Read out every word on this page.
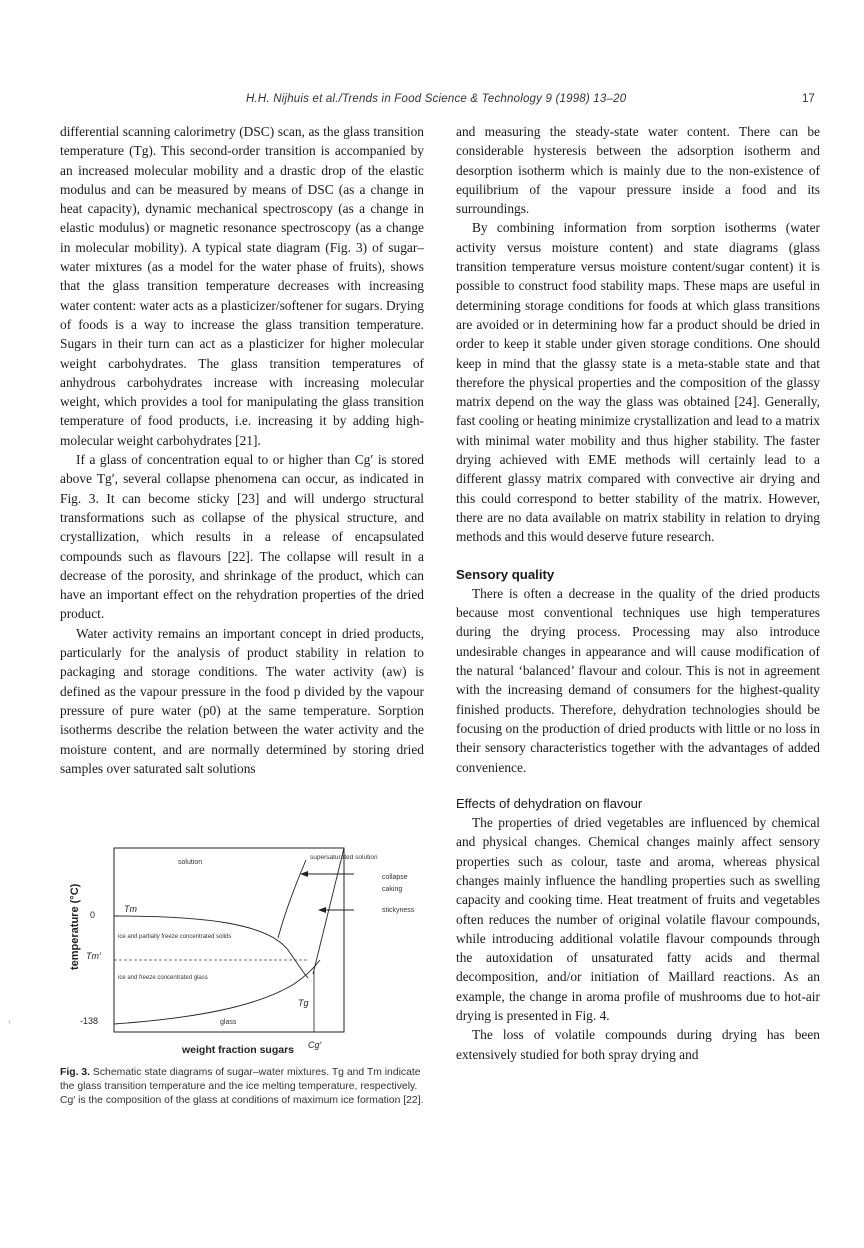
H.H. Nijhuis et al./Trends in Food Science & Technology 9 (1998) 13–20	17

differential scanning calorimetry (DSC) scan, as the glass transition temperature (Tg). This second-order transition is accompanied by an increased molecular mobility and a drastic drop of the elastic modulus and can be measured by means of DSC (as a change in heat capacity), dynamic mechanical spectroscopy (as a change in elastic modulus) or magnetic resonance spectroscopy (as a change in molecular mobility). A typical state diagram (Fig. 3) of sugar–water mixtures (as a model for the water phase of fruits), shows that the glass transition temperature decreases with increasing water content: water acts as a plasticizer/softener for sugars. Drying of foods is a way to increase the glass transition temperature. Sugars in their turn can act as a plasticizer for higher molecular weight carbohydrates. The glass transition temperatures of anhydrous carbohydrates increase with increasing molecular weight, which provides a tool for manipulating the glass transition temperature of food products, i.e. increasing it by adding high-molecular weight carbohydrates [21].

If a glass of concentration equal to or higher than Cg′ is stored above Tg′, several collapse phenomena can occur, as indicated in Fig. 3. It can become sticky [23] and will undergo structural transformations such as collapse of the physical structure, and crystallization, which results in a release of encapsulated compounds such as flavours [22]. The collapse will result in a decrease of the porosity, and shrinkage of the product, which can have an important effect on the rehydration properties of the dried product.

Water activity remains an important concept in dried products, particularly for the analysis of product stability in relation to packaging and storage conditions. The water activity (aw) is defined as the vapour pressure in the food p divided by the vapour pressure of pure water (p0) at the same temperature. Sorption isotherms describe the relation between the water activity and the moisture content, and are normally determined by storing dried samples over saturated salt solutions

and measuring the steady-state water content. There can be considerable hysteresis between the adsorption isotherm and desorption isotherm which is mainly due to the non-existence of equilibrium of the vapour pressure inside a food and its surroundings.

By combining information from sorption isotherms (water activity versus moisture content) and state diagrams (glass transition temperature versus moisture content/sugar content) it is possible to construct food stability maps. These maps are useful in determining storage conditions for foods at which glass transitions are avoided or in determining how far a product should be dried in order to keep it stable under given storage conditions. One should keep in mind that the glassy state is a meta-stable state and that therefore the physical properties and the composition of the glassy matrix depend on the way the glass was obtained [24]. Generally, fast cooling or heating minimize crystallization and lead to a matrix with minimal water mobility and thus higher stability. The faster drying achieved with EME methods will certainly lead to a different glassy matrix compared with convective air drying and this could correspond to better stability of the matrix. However, there are no data available on matrix stability in relation to drying methods and this would deserve future research.

Sensory quality

There is often a decrease in the quality of the dried products because most conventional techniques use high temperatures during the drying process. Processing may also introduce undesirable changes in appearance and will cause modification of the natural ‘balanced’ flavour and colour. This is not in agreement with the increasing demand of consumers for the highest-quality finished products. Therefore, dehydration technologies should be focusing on the production of dried products with little or no loss in their sensory characteristics together with the advantages of added convenience.

Effects of dehydration on flavour

The properties of dried vegetables are influenced by chemical and physical changes. Chemical changes mainly affect sensory properties such as colour, taste and aroma, whereas physical changes mainly influence the handling properties such as swelling capacity and cooking time. Heat treatment of fruits and vegetables often reduces the number of original volatile flavour compounds, while introducing additional volatile flavour compounds through the autoxidation of unsaturated fatty acids and thermal decomposition, and/or initiation of Maillard reactions. As an example, the change in aroma profile of mushrooms due to hot-air drying is presented in Fig. 4.

The loss of volatile compounds during drying has been extensively studied for both spray drying and

temperature (°C) 0
Tm′
-138
solution
supersaturated solution
Tm
ice and partially freeze concentrated solids
ice and freeze concentrated glass
Tg
glass
collapse
caking
stickyness
weight fraction sugars Cg′
Fig. 3. Schematic state diagrams of sugar–water mixtures. Tg and Tm indicate the glass transition temperature and the ice melting temperature, respectively. Cg′ is the composition of the glass at conditions of maximum ice formation [22].
‹
